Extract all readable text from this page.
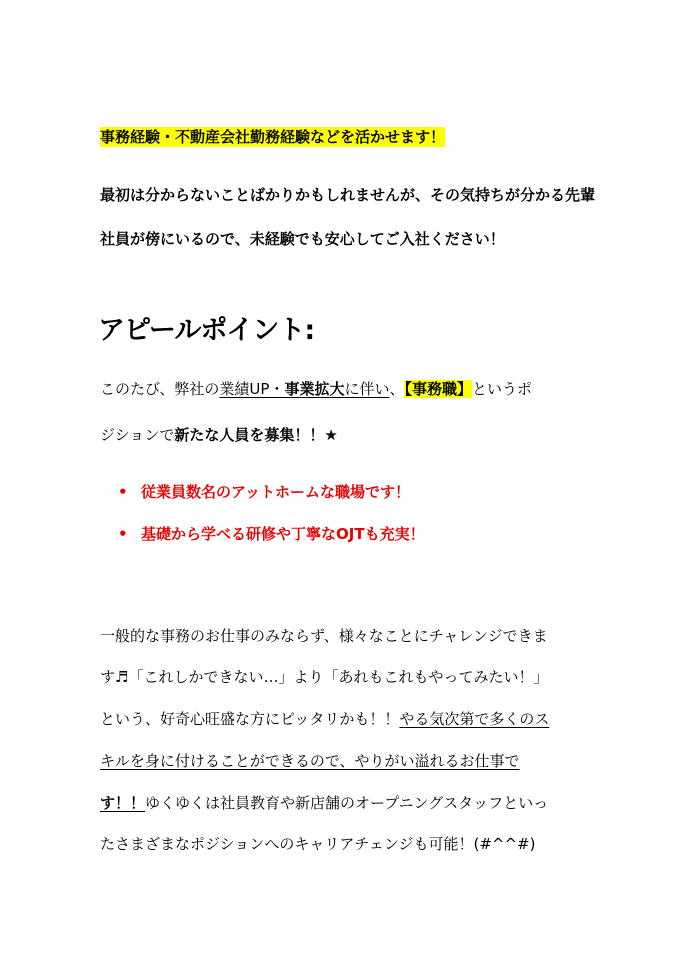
事務経験・不動産会社勤務経験などを活かせます！
最初は分からないことばかりかもしれませんが、その気持ちが分かる先輩
社員が傍にいるので、未経験でも安心してご入社ください！
アピールポイント:
このたび、弊社の業績UP・事業拡大に伴い、【事務職】というポ
ジションで新たな人員を募集！！★
• 従業員数名のアットホームな職場です！
• 基礎から学べる研修や丁寧なOJTも充実！
一般的な事務のお仕事のみならず、様々なことにチャレンジできま
す♬「これしかできない…」より「あれもこれもやってみたい！」
という、好奇心旺盛な方にピッタリかも！！やる気次第で多くのス
キルを身に付けることができるので、やりがい溢れるお仕事で
す！！ゆくゆくは社員教育や新店舗のオープニングスタッフといっ
たさまざまなポジションへのキャリアチェンジも可能！(#^^#)
